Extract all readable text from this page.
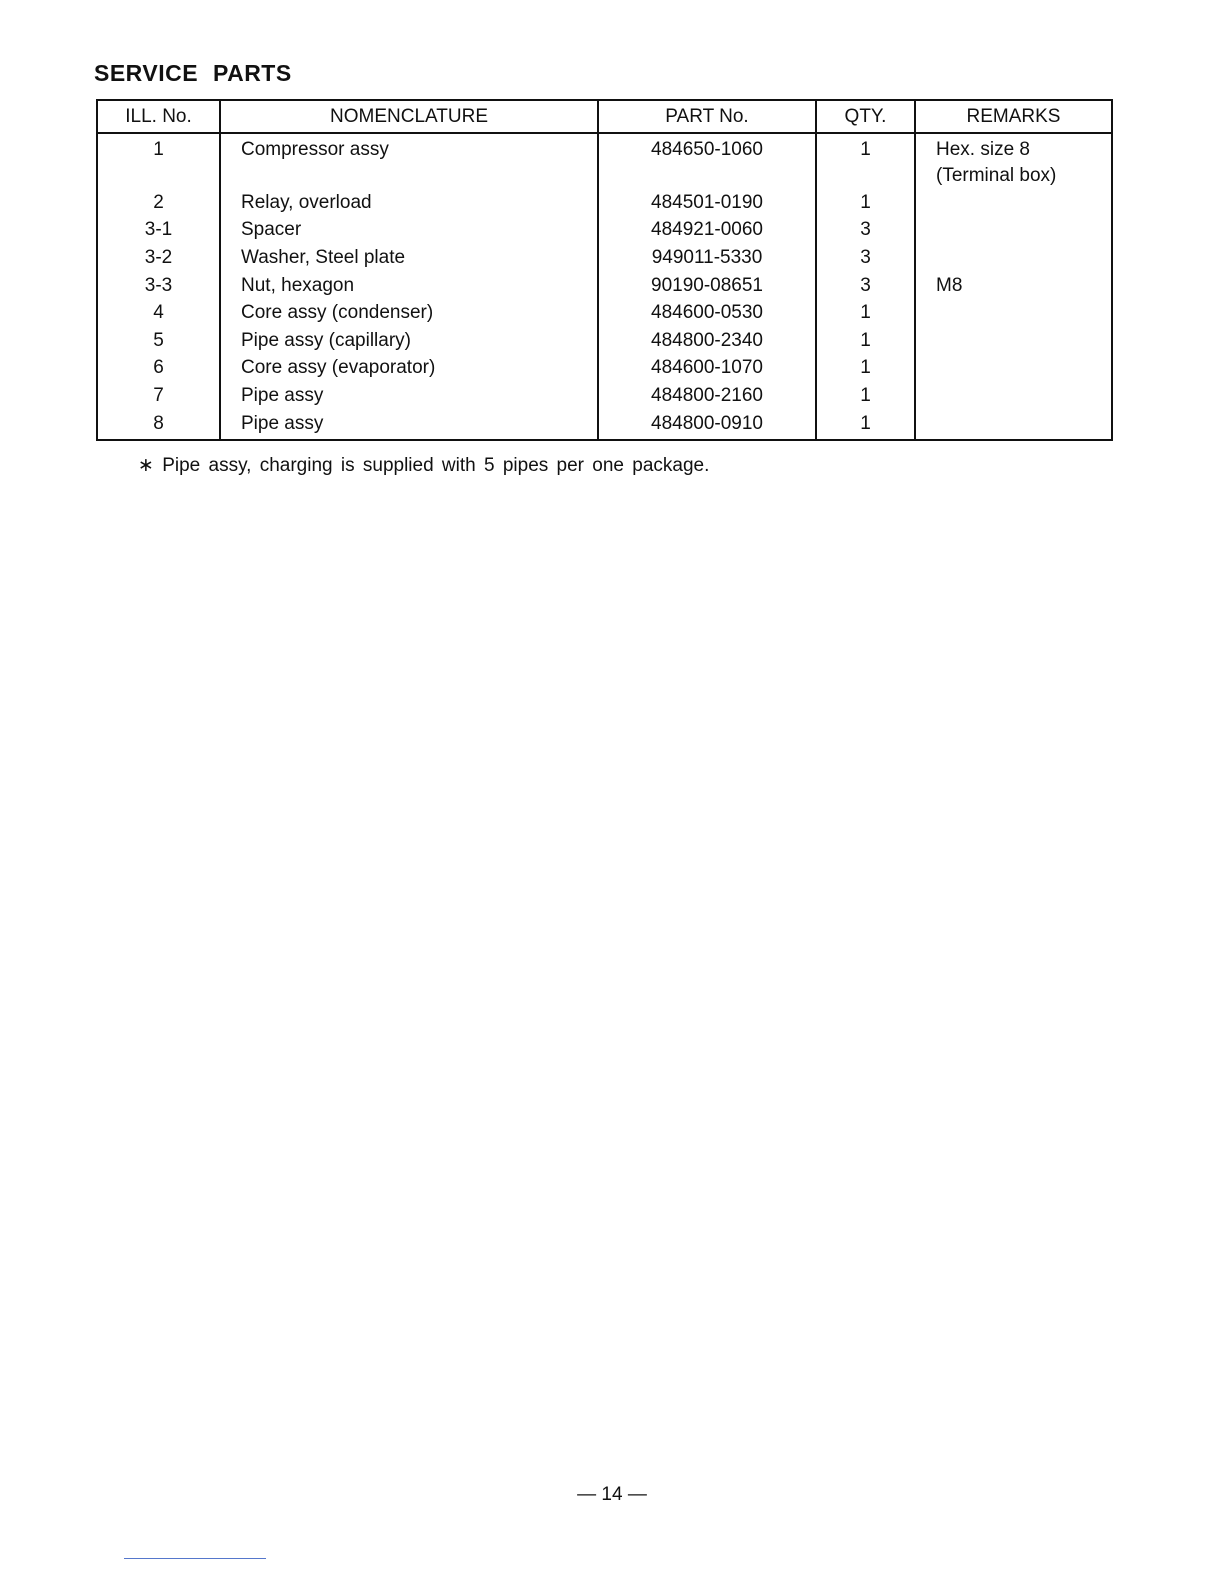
SERVICE PARTS
ILL. No.	NOMENCLATURE	PART No.	QTY.	REMARKS
1	Compressor assy	484650-1060	1	Hex. size 8
(Terminal box)

2	Relay, overload	484501-0190	1	
3-1	Spacer	484921-0060	3	
3-2	Washer, Steel plate	949011-5330	3	
3-3	Nut, hexagon	90190-08651	3	M8

4	Core assy (condenser)	484600-0530	1	
5	Pipe assy (capillary)	484800-2340	1	
6	Core assy (evaporator)	484600-1070	1	
7	Pipe assy	484800-2160	1	
8	Pipe assy	484800-0910	1	
∗ Pipe assy, charging is supplied with 5 pipes per one package.
— 14 —
